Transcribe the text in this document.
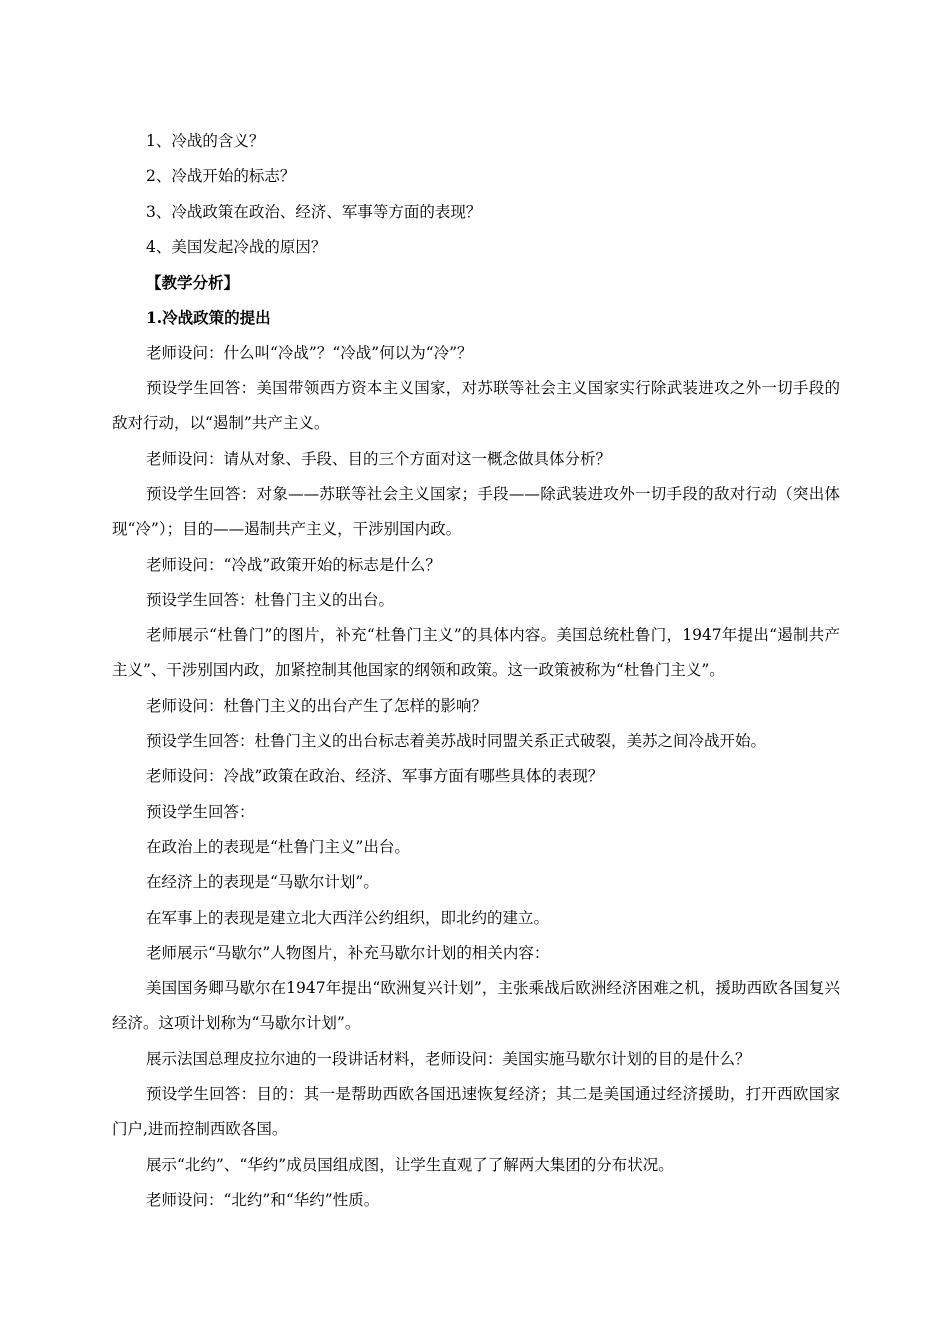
1、冷战的含义？

2、冷战开始的标志？

3、冷战政策在政治、经济、军事等方面的表现？

4、美国发起冷战的原因？

【教学分析】

1.冷战政策的提出

老师设问：什么叫“冷战”？“冷战”何以为“冷”？

预设学生回答：美国带领西方资本主义国家，对苏联等社会主义国家实行除武装进攻之外一切手段的敌对行动，以“遏制”共产主义。

老师设问：请从对象、手段、目的三个方面对这一概念做具体分析？

预设学生回答：对象——苏联等社会主义国家；手段——除武装进攻外一切手段的敌对行动（突出体现“冷”）；目的——遏制共产主义，干涉别国内政。

老师设问：“冷战”政策开始的标志是什么？

预设学生回答：杜鲁门主义的出台。

老师展示“杜鲁门”的图片，补充“杜鲁门主义”的具体内容。美国总统杜鲁门，1947年提出“遏制共产主义”、干涉别国内政，加紧控制其他国家的纲领和政策。这一政策被称为“杜鲁门主义”。

老师设问：杜鲁门主义的出台产生了怎样的影响？

预设学生回答：杜鲁门主义的出台标志着美苏战时同盟关系正式破裂，美苏之间冷战开始。

老师设问：冷战”政策在政治、经济、军事方面有哪些具体的表现？

预设学生回答：

在政治上的表现是“杜鲁门主义”出台。

在经济上的表现是“马歇尔计划”。

在军事上的表现是建立北大西洋公约组织，即北约的建立。

老师展示“马歇尔”人物图片，补充马歇尔计划的相关内容：

美国国务卿马歇尔在1947年提出“欧洲复兴计划”，主张乘战后欧洲经济困难之机，援助西欧各国复兴经济。这项计划称为“马歇尔计划”。

展示法国总理皮拉尔迪的一段讲话材料，老师设问：美国实施马歇尔计划的目的是什么？

预设学生回答：目的：其一是帮助西欧各国迅速恢复经济；其二是美国通过经济援助，打开西欧国家门户,进而控制西欧各国。

展示“北约”、“华约”成员国组成图，让学生直观了了解两大集团的分布状况。

老师设问：“北约”和“华约”性质。
